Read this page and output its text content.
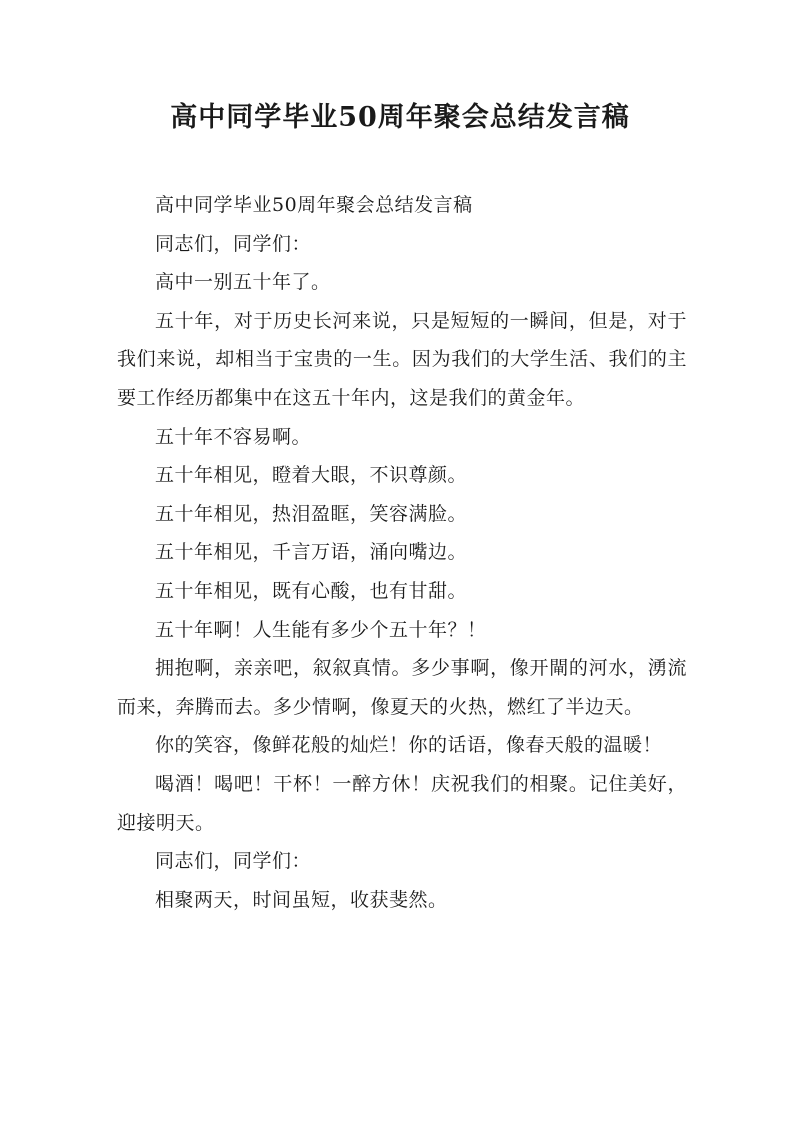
高中同学毕业50周年聚会总结发言稿

高中同学毕业50周年聚会总结发言稿

同志们，同学们：

高中一别五十年了。

五十年，对于历史长河来说，只是短短的一瞬间，但是，对于我们来说，却相当于宝贵的一生。因为我们的大学生活、我们的主要工作经历都集中在这五十年内，这是我们的黄金年。

五十年不容易啊。

五十年相见，瞪着大眼，不识尊颜。

五十年相见，热泪盈眶，笑容满脸。

五十年相见，千言万语，涌向嘴边。

五十年相见，既有心酸，也有甘甜。

五十年啊！人生能有多少个五十年？！

拥抱啊，亲亲吧，叙叙真情。多少事啊，像开閘的河水，湧流而来，奔腾而去。多少情啊，像夏天的火热，燃红了半边天。

你的笑容，像鲜花般的灿烂！你的话语，像春天般的温暖！

喝酒！喝吧！干杯！一醉方休！庆祝我们的相聚。记住美好，迎接明天。

同志们，同学们：

相聚两天，时间虽短，收获斐然。
